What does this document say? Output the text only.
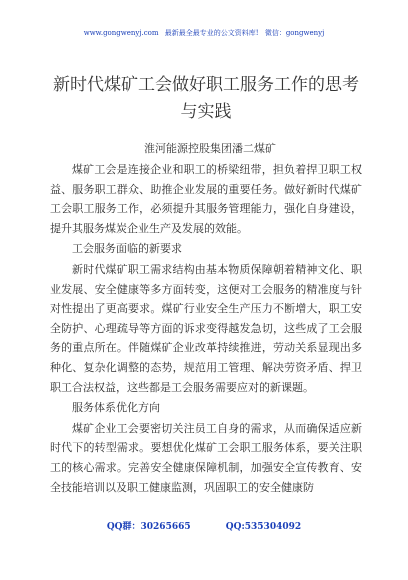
www.gongwenyj.com 最新最全最专业的公文资料库! 微信：gongwenyj
新时代煤矿工会做好职工服务工作的思考与实践
淮河能源控股集团潘二煤矿

煤矿工会是连接企业和职工的桥梁纽带，担负着捍卫职工权益、服务职工群众、助推企业发展的重要任务。做好新时代煤矿工会职工服务工作，必须提升其服务管理能力，强化自身建设，提升其服务煤炭企业生产及发展的效能。

工会服务面临的新要求

新时代煤矿职工需求结构由基本物质保障朝着精神文化、职业发展、安全健康等多方面转变，这便对工会服务的精准度与针对性提出了更高要求。煤矿行业安全生产压力不断增大，职工安全防护、心理疏导等方面的诉求变得越发急切，这些成了工会服务的重点所在。伴随煤矿企业改革持续推进，劳动关系显现出多种化、复杂化调整的态势，规范用工管理、解决劳资矛盾、捍卫职工合法权益，这些都是工会服务需要应对的新课题。

服务体系优化方向

煤矿企业工会要密切关注员工自身的需求，从而确保适应新时代下的转型需求。要想优化煤矿工会职工服务体系，要关注职工的核心需求。完善安全健康保障机制，加强安全宣传教育、安全技能培训以及职工健康监测，巩固职工的安全健康防

QQ群：30265665	QQ:535304092
